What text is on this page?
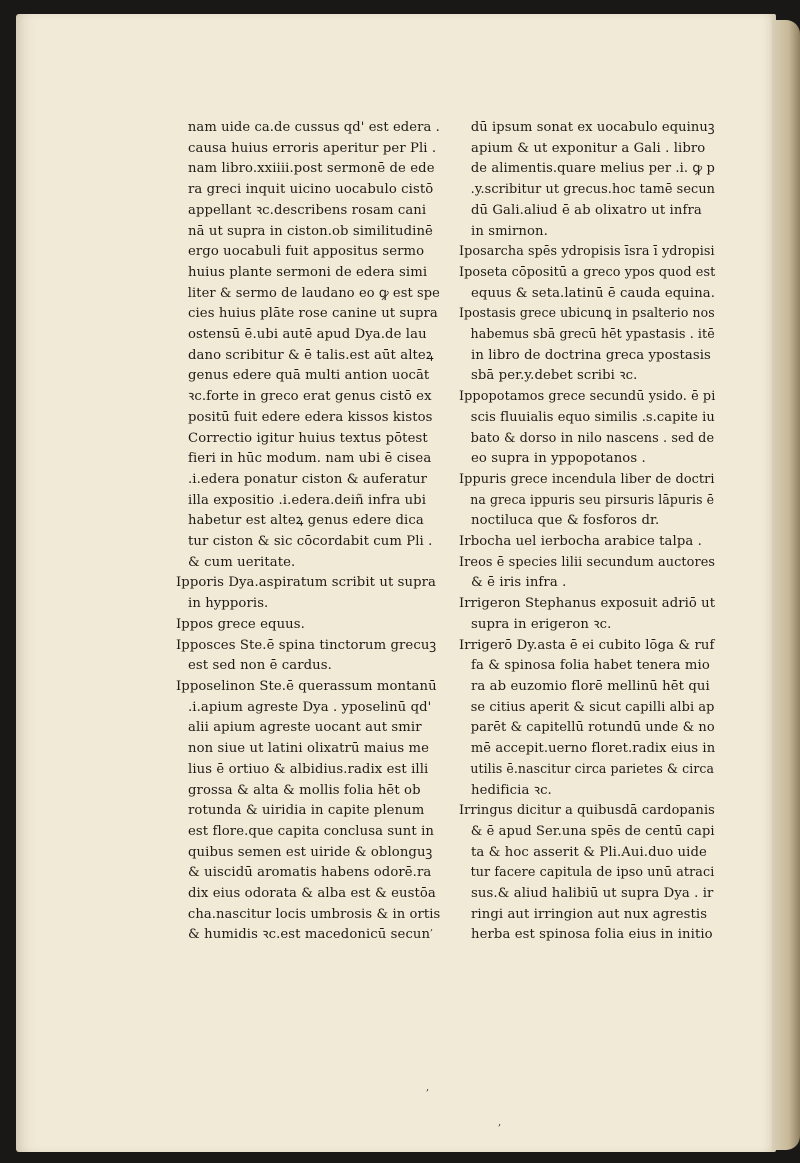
nam uide ca.de cussus qd' est edera .
causa huius erroris aperitur per Pli .
nam libro.xxiiii.post sermonē de ede
ra greci inquit uicino uocabulo cistō
appellant ꝛc.describens rosam cani
nā ut supra in ciston.ob similitudinē
ergo uocabuli fuit appositus sermo
huius plante sermoni de edera simi
liter & sermo de laudano eo ꝙ est spe
cies huius plāte rose canine ut supra
ostensū ē.ubi autē apud Dya.de lau
dano scribitur & ē talis.est aūt alteꝝ
genus edere quā multi antion uocāt
ꝛc.forte in greco erat genus cistō ex
positū fuit edere edera kissos kistos
Correctio igitur huius textus pōtest
fieri in hūc modum. nam ubi ē cisea
.i.edera ponatur ciston & auferatur
illa expositio .i.edera.deiñ infra ubi
habetur est alteꝝ genus edere dica
tur ciston & sic cōcordabit cum Pli .
& cum ueritate.
Ipporis Dya.aspiratum scribit ut supra
in hypporis.
Ippos grece equus.
Ipposces Ste.ē spina tinctorum grecuꝫ
est sed non ē cardus.
Ipposelinon Ste.ē querassum montanū
.i.apium agreste Dya . yposelinū qd'
alii apium agreste uocant aut smir
non siue ut latini olixatrū maius me
lius ē ortiuo & albidius.radix est illi
grossa & alta & mollis folia hēt ob
rotunda & uiridia in capite plenum
est flore.que capita conclusa sunt in
quibus semen est uiride & oblonguꝫ
& uiscidū aromatis habens odorē.ra
dix eius odorata & alba est & eustōa
cha.nascitur locis umbrosis & in ortis
& humidis ꝛc.est macedonicū secun
dū ipsum sonat ex uocabulo equinuꝫ
apium & ut exponitur a Gali . libro
de alimentis.quare melius per .i. ꝙ p
.y.scribitur ut grecus.hoc tamē secun
dū Gali.aliud ē ab olixatro ut infra
in smirnon.
Iposarcha spēs ydropisis īsra ī ydropisi
Iposeta cōpositū a greco ypos quod est
equus & seta.latinū ē cauda equina.
Ipostasis grece ubicunꝗ in psalterio nos
habemus sbā grecū hēt ypastasis . itē
in libro de doctrina greca ypostasis
sbā per.y.debet scribi ꝛc.
Ippopotamos grece secundū ysido. ē pi
scis fluuialis equo similis .s.capite iu
bato & dorso in nilo nascens . sed de
eo supra in yppopotanos .
Ippuris grece incendula liber de doctri
na greca ippuris seu pirsuris lāpuris ē
noctiluca que & fosforos dr.
Irbocha uel ierbocha arabice talpa .
Ireos ē species lilii secundum auctores
& ē iris infra .
Irrigeron Stephanus exposuit adriō ut
supra in erigeron ꝛc.
Irrigerō Dy.asta ē ei cubito lōga & ruf
fa & spinosa folia habet tenera mio
ra ab euzomio florē mellinū hēt qui
se citius aperit & sicut capilli albi ap
parēt & capitellū rotundū unde & no
mē accepit.uerno floret.radix eius in
utilis ē.nascitur circa parietes & circa
hedificia ꝛc.
Irringus dicitur a quibusdā cardopanis
& ē apud Ser.una spēs de centū capi
ta & hoc asserit & Pli.Aui.duo uide
tur facere capitula de ipso unū atraci
sus.& aliud halibiū ut supra Dya . ir
ringi aut irringion aut nux agrestis
herba est spinosa folia eius in initio
,
,
,
